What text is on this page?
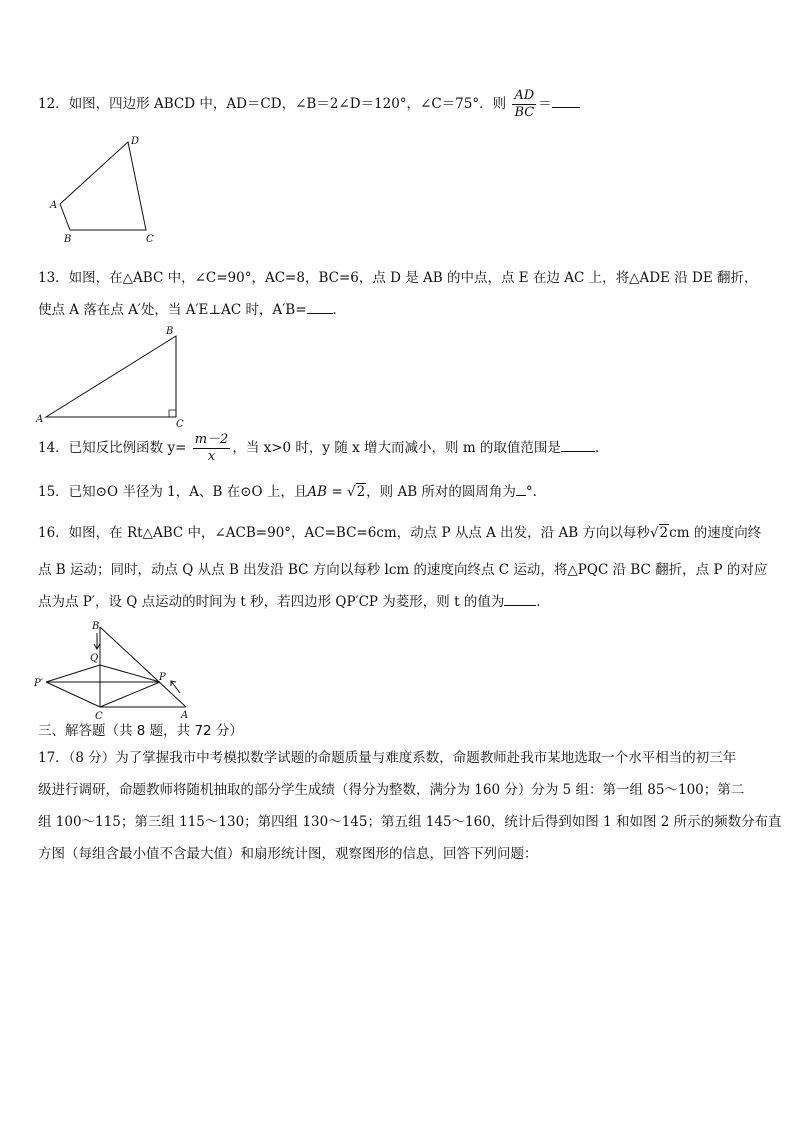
12．如图，四边形 ABCD 中，AD＝CD，∠B＝2∠D＝120°，∠C＝75°．则 $\frac{AD}{BC}$ ＝
A
B	C
D
13．如图，在△ABC 中，∠C=90°，AC=8，BC=6，点 D 是 AB 的中点，点 E 在边 AC 上，将△ADE 沿 DE 翻折，
使点 A 落在点 A′处，当 A′E⊥AC 时，A′B= ．
A
B
C
14．已知反比例函数 $y= \frac{m-2}{x}$ ，当 x>0 时，y 随 x 增大而减小，则 m 的取值范围是	．
15．已知⊙O 半径为 1，A、B 在⊙O 上，且AB = √2，则 AB 所对的圆周角为 °.
16．如图，在 Rt△ABC 中，∠ACB=90°，AC=BC=6cm，动点 P 从点 A 出发，沿 AB 方向以每秒√2cm 的速度向终
点 B 运动；同时，动点 Q 从点 B 出发沿 BC 方向以每秒 lcm 的速度向终点 C 运动，将△PQC 沿 BC 翻折，点 P 的对应
点为点 P′，设 Q 点运动的时间为 t 秒，若四边形 QP′CP 为菱形，则 t 的值为 ．
B
Q
P′
P
C	A
三、解答题（共 8 题，共 72 分）
17．（8 分）为了掌握我市中考模拟数学试题的命题质量与难度系数，命题教师赴我市某地选取一个水平相当的初三年
级进行调研，命题教师将随机抽取的部分学生成绩（得分为整数，满分为 160 分）分为 5 组：第一组 85～100；第二
组 100～115；第三组 115～130；第四组 130～145；第五组 145～160，统计后得到如图 1 和如图 2 所示的频数分布直
方图（每组含最小值不含最大值）和扇形统计图，观察图形的信息，回答下列问题：
